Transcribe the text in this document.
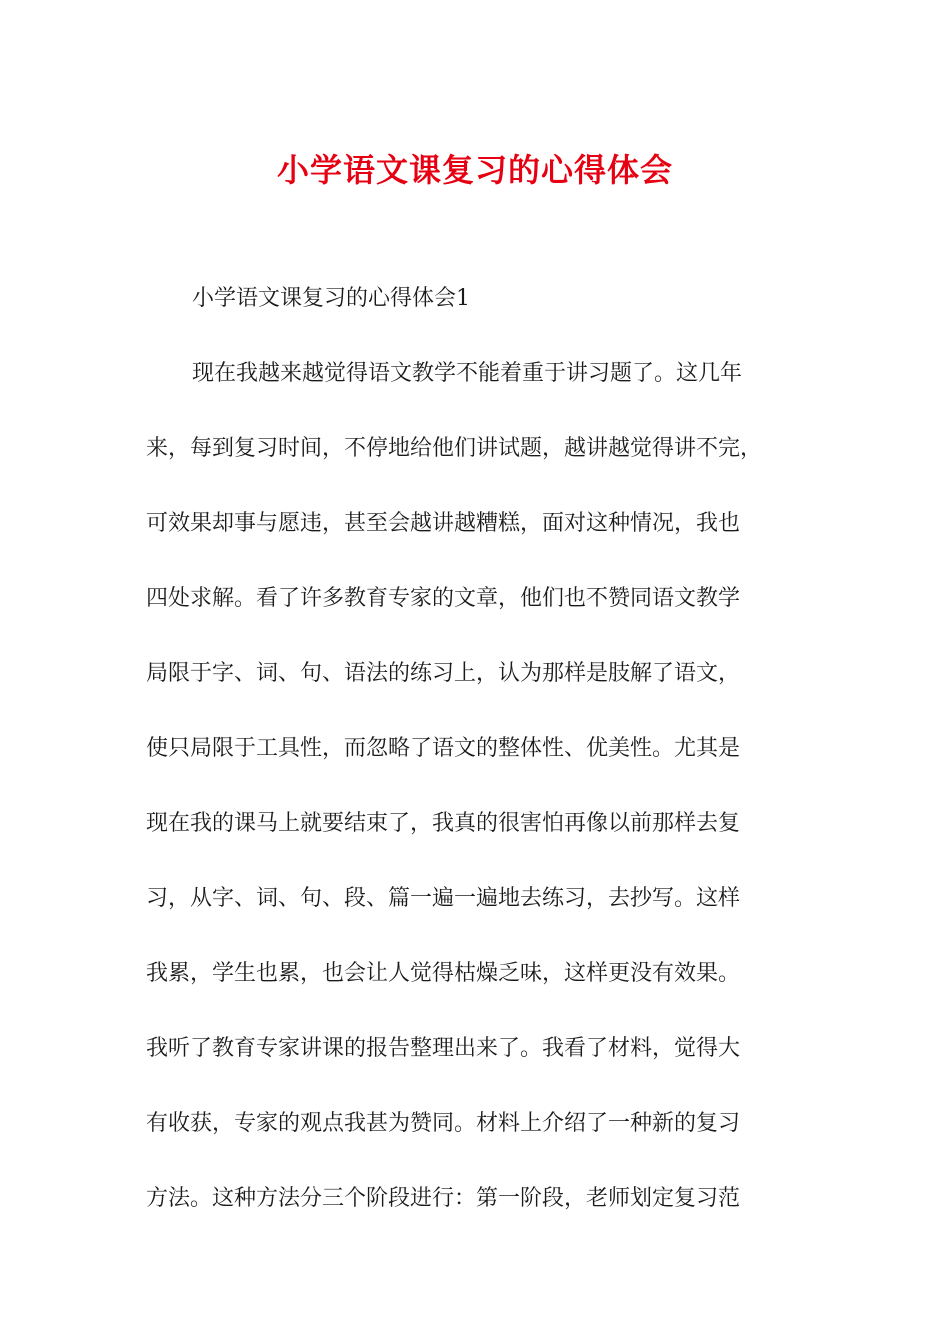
小学语文课复习的心得体会
小学语文课复习的心得体会1
现在我越来越觉得语文教学不能着重于讲习题了。这几年
来，每到复习时间，不停地给他们讲试题，越讲越觉得讲不完，
可效果却事与愿违，甚至会越讲越糟糕，面对这种情况，我也
四处求解。看了许多教育专家的文章，他们也不赞同语文教学
局限于字、词、句、语法的练习上，认为那样是肢解了语文，
使只局限于工具性，而忽略了语文的整体性、优美性。尤其是
现在我的课马上就要结束了，我真的很害怕再像以前那样去复
习，从字、词、句、段、篇一遍一遍地去练习，去抄写。这样
我累，学生也累，也会让人觉得枯燥乏味，这样更没有效果。
我听了教育专家讲课的报告整理出来了。我看了材料，觉得大
有收获，专家的观点我甚为赞同。材料上介绍了一种新的复习
方法。这种方法分三个阶段进行：第一阶段，老师划定复习范
